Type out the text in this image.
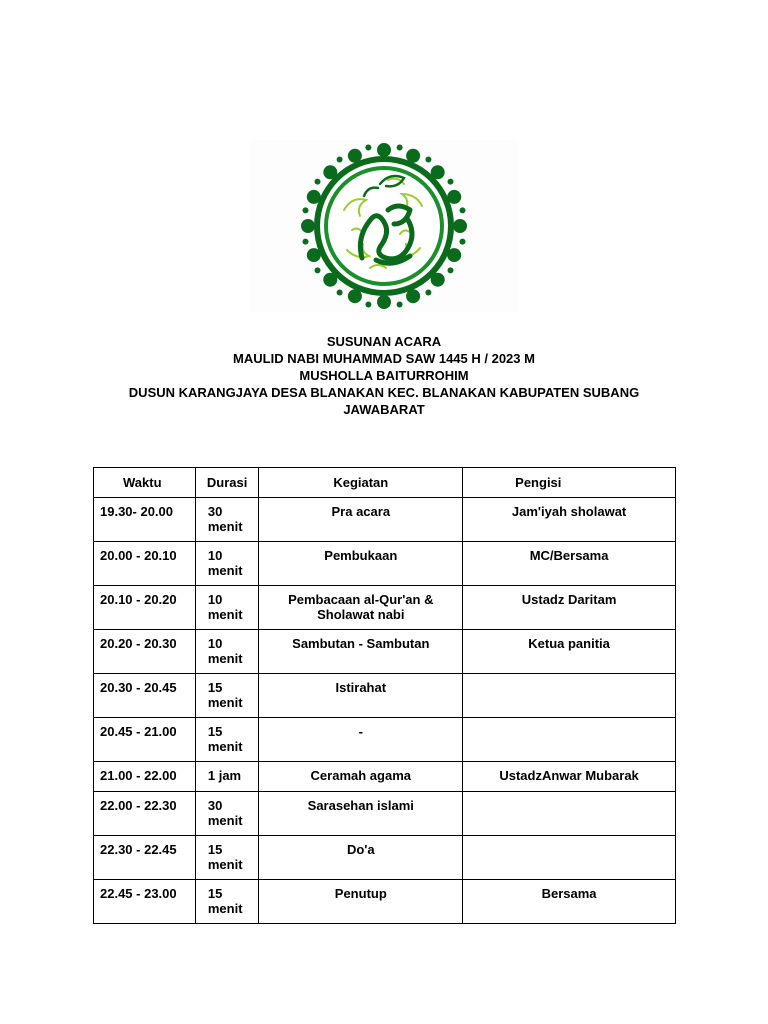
SUSUNAN ACARA
MAULID NABI MUHAMMAD SAW 1445 H / 2023 M
MUSHOLLA BAITURROHIM
DUSUN KARANGJAYA DESA BLANAKAN KEC. BLANAKAN KABUPATEN SUBANG
JAWABARAT
Waktu	Durasi	Kegiatan	Pengisi

19.30- 20.00	30 menit	Pra acara	Jam'iyah sholawat

20.00 - 20.10	10 menit	Pembukaan	MC/Bersama

20.10 - 20.20	10 menit	Pembacaan al-Qur'an & Sholawat nabi	Ustadz Daritam

20.20 - 20.30	10 menit	Sambutan - Sambutan	Ketua panitia

20.30 - 20.45	15 menit	Istirahat	

20.45 - 21.00	15 menit	-	

21.00 - 22.00	1 jam	Ceramah agama	UstadzAnwar Mubarak

22.00 - 22.30	30 menit	Sarasehan islami	

22.30 - 22.45	15 menit	Do'a	

22.45 - 23.00	15 menit	Penutup	Bersama
